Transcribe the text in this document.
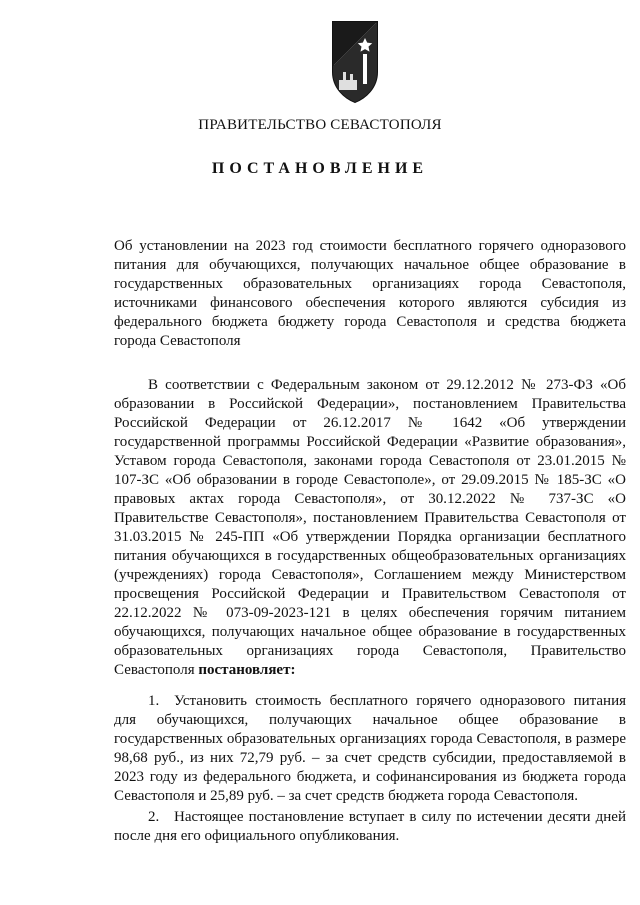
ПРАВИТЕЛЬСТВО СЕВАСТОПОЛЯ
ПОСТАНОВЛЕНИЕ

Об установлении на 2023 год стоимости бесплатного горячего одноразового питания для обучающихся, получающих начальное общее образование в государственных образовательных организациях города Севастополя, источниками финансового обеспечения которого являются субсидия из федерального бюджета бюджету города Севастополя и средства бюджета города Севастополя

В соответствии с Федеральным законом от 29.12.2012 № 273-ФЗ «Об образовании в Российской Федерации», постановлением Правительства Российской Федерации от 26.12.2017 № 1642 «Об утверждении государственной программы Российской Федерации «Развитие образования», Уставом города Севастополя, законами города Севастополя от 23.01.2015 № 107-ЗС «Об образовании в городе Севастополе», от 29.09.2015 № 185-ЗС «О правовых актах города Севастополя», от 30.12.2022 № 737-ЗС «О Правительстве Севастополя», постановлением Правительства Севастополя от 31.03.2015 № 245-ПП «Об утверждении Порядка организации бесплатного питания обучающихся в государственных общеобразовательных организациях (учреждениях) города Севастополя», Соглашением между Министерством просвещения Российской Федерации и Правительством Севастополя от 22.12.2022 № 073-09-2023-121 в целях обеспечения горячим питанием обучающихся, получающих начальное общее образование в государственных образовательных организациях города Севастополя, Правительство Севастополя постановляет:

1. Установить стоимость бесплатного горячего одноразового питания для обучающихся, получающих начальное общее образование в государственных образовательных организациях города Севастополя, в размере 98,68 руб., из них 72,79 руб. – за счет средств субсидии, предоставляемой в 2023 году из федерального бюджета, и софинансирования из бюджета города Севастополя и 25,89 руб. – за счет средств бюджета города Севастополя.

2. Настоящее постановление вступает в силу по истечении десяти дней после дня его официального опубликования.
